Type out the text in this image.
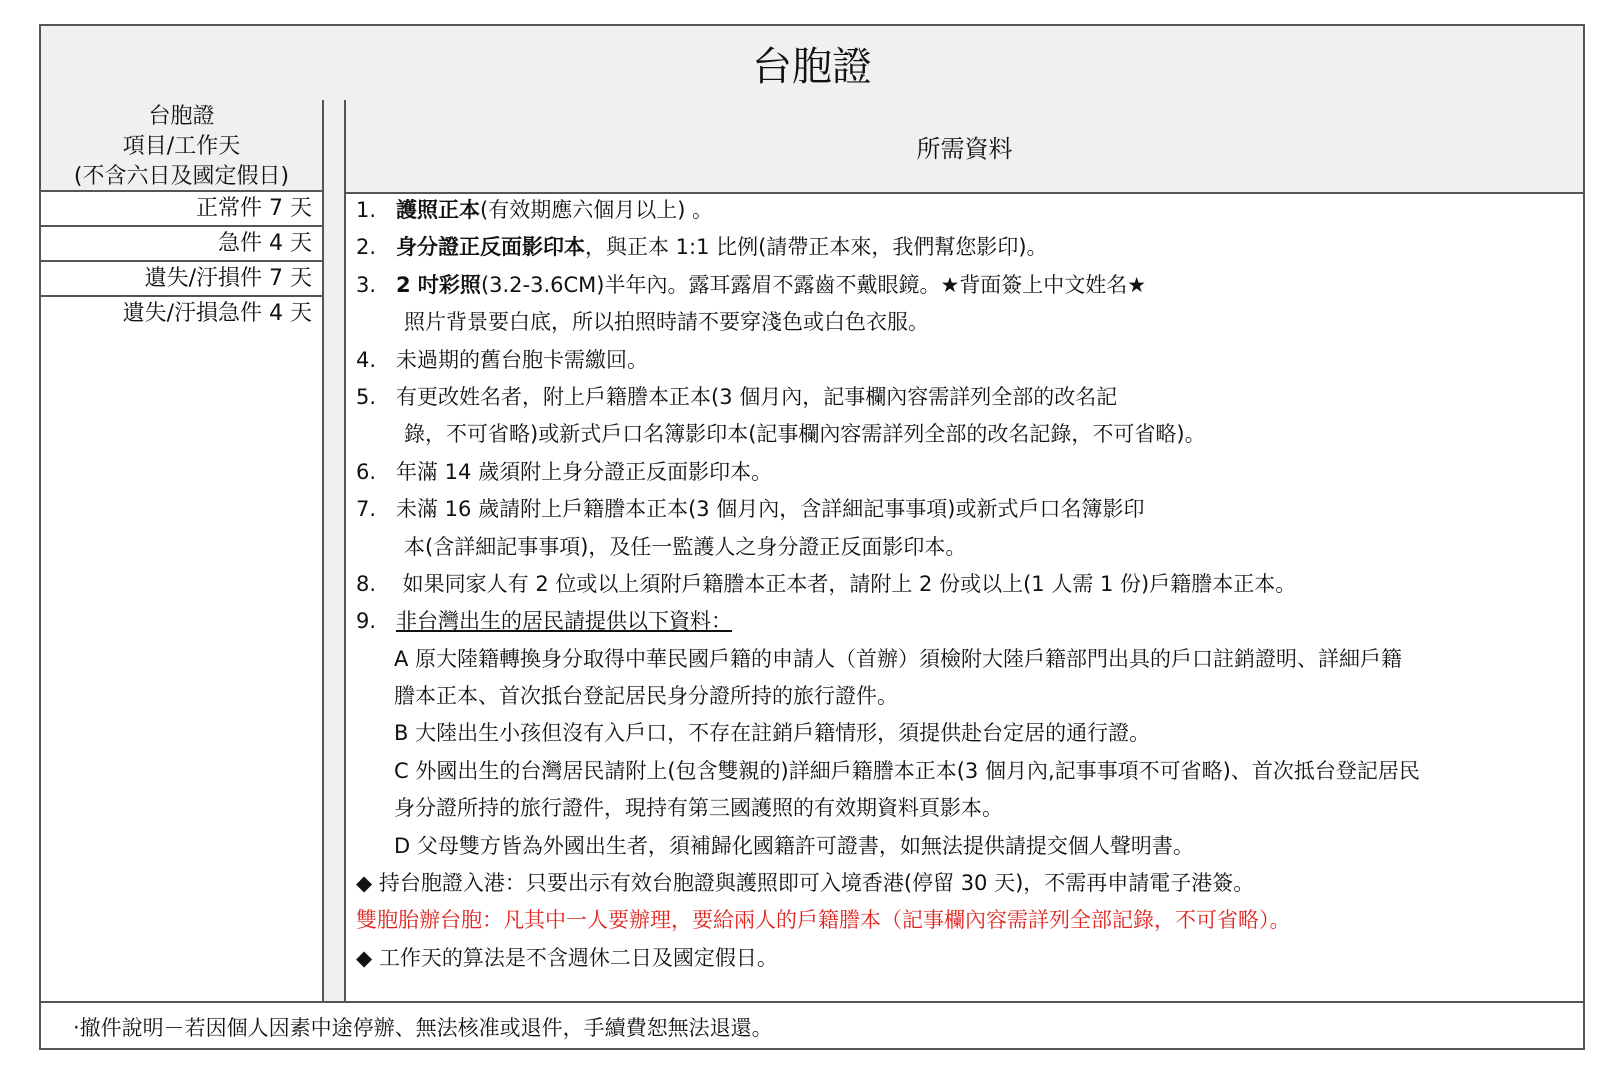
台胞證
台胞證
項目/工作天
(不含六日及國定假日)
正常件 7 天
急件 4 天
遺失/汙損件 7 天
遺失/汙損急件 4 天
所需資料
1. 護照正本(有效期應六個月以上) 。
2. 身分證正反面影印本，與正本 1:1 比例(請帶正本來，我們幫您影印)。
3. 2 吋彩照(3.2-3.6CM)半年內。露耳露眉不露齒不戴眼鏡。★背面簽上中文姓名★
照片背景要白底，所以拍照時請不要穿淺色或白色衣服。
4. 未過期的舊台胞卡需繳回。
5. 有更改姓名者，附上戶籍謄本正本(3 個月內，記事欄內容需詳列全部的改名記
錄，不可省略)或新式戶口名簿影印本(記事欄內容需詳列全部的改名記錄，不可省略)。
6. 年滿 14 歲須附上身分證正反面影印本。
7. 未滿 16 歲請附上戶籍謄本正本(3 個月內，含詳細記事事項)或新式戶口名簿影印
本(含詳細記事事項)，及任一監護人之身分證正反面影印本。
8. 如果同家人有 2 位或以上須附戶籍謄本正本者，請附上 2 份或以上(1 人需 1 份)戶籍謄本正本。
9. 非台灣出生的居民請提供以下資料：
A 原大陸籍轉換身分取得中華民國戶籍的申請人（首辦）須檢附大陸戶籍部門出具的戶口註銷證明、詳細戶籍
謄本正本、首次抵台登記居民身分證所持的旅行證件。
B 大陸出生小孩但沒有入戶口，不存在註銷戶籍情形，須提供赴台定居的通行證。
C 外國出生的台灣居民請附上(包含雙親的)詳細戶籍謄本正本(3 個月內,記事事項不可省略)、首次抵台登記居民
身分證所持的旅行證件，現持有第三國護照的有效期資料頁影本。
D 父母雙方皆為外國出生者，須補歸化國籍許可證書，如無法提供請提交個人聲明書。
◆ 持台胞證入港：只要出示有效台胞證與護照即可入境香港(停留 30 天)，不需再申請電子港簽。
雙胞胎辦台胞：凡其中一人要辦理，要給兩人的戶籍謄本（記事欄內容需詳列全部記錄，不可省略）。
◆ 工作天的算法是不含週休二日及國定假日。
‧撤件說明－若因個人因素中途停辦、無法核准或退件，手續費恕無法退還。
